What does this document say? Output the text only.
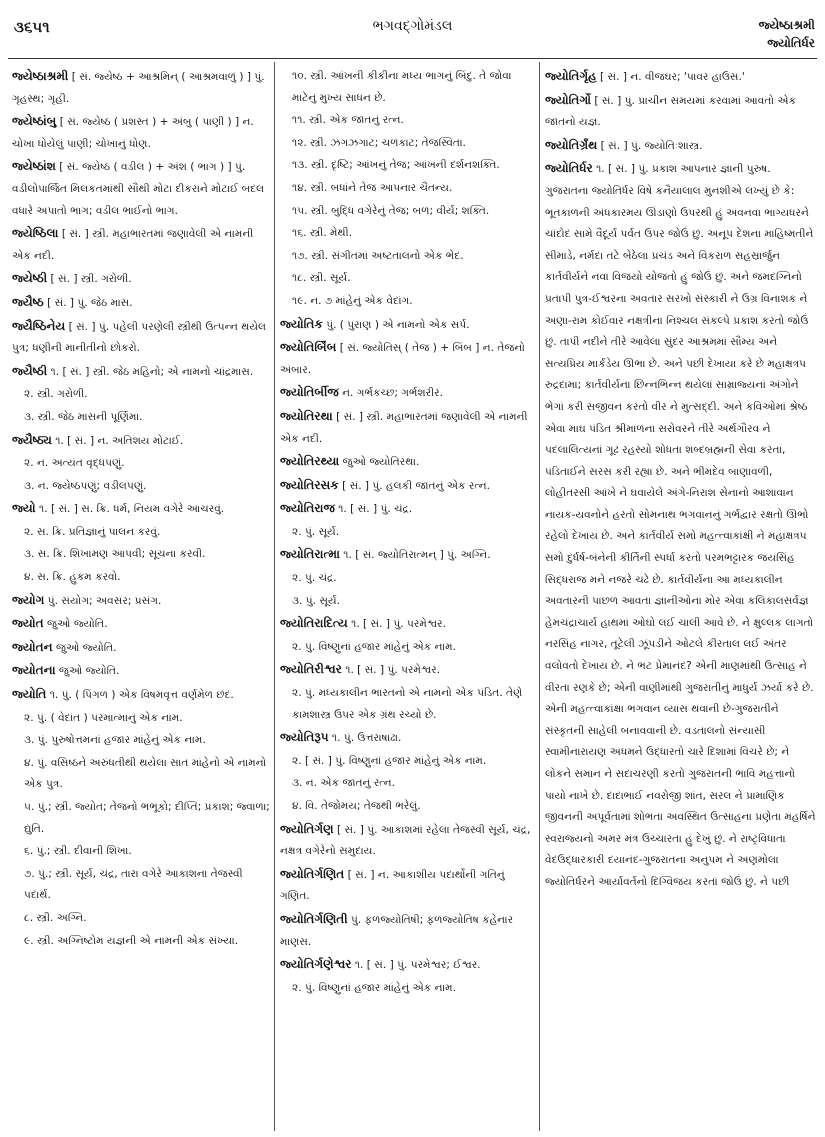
૩૬૫૧	ભગવદ્ગોમંડલ	જ્યેષ્ઠાશ્રમી
જ્યોતિર્ધર
જ્યેષ્ઠાશ્રમી [ સં. જ્યેષ્ઠ + આશ્રમિન્ ( આશ્રમવાળું ) ] પું. ગૃહસ્થ; ગૃહી.
જ્યેષ્ઠાંબુ [ સં. જ્યેષ્ઠ ( પ્રશસ્ત ) + અંબુ ( પાણી ) ] ન. ચોખા ધોયેલું પાણી; ચોખાનું ધોણ.
જ્યેષ્ઠાંશ [ સં. જ્યેષ્ઠ ( વડીલ ) + અંશ ( ભાગ ) ] પું. વડીલોપાર્જિત મિલકતમાંથી સૌથી મોટા દીકરાને મોટાઈ બદલ વધારે અપાતો ભાગ; વડીલ ભાઈનો ભાગ.
જ્યેષ્ઠિલા [ સં. ] સ્ત્રી. મહાભારતમાં જણાવેલી એ નામની એક નદી.
જ્યેષ્ઠી [ સં. ] સ્ત્રી. ગરોળી.
જ્યૈષ્ઠ [ સં. ] પું. જેઠ માસ.
જ્યૈષ્ઠિનેય [ સં. ] પું. પહેલી પરણેલી સ્ત્રીથી ઉત્પન્ન થયેલ પુત્ર; ધણીની માનીતીનો છોકરો.
જ્યૈષ્ઠી ૧. [ સં. ] સ્ત્રી. જેઠ મહિનો; એ નામનો ચાંદ્રમાસ.
૨. સ્ત્રી. ગરોળી.
૩. સ્ત્રી. જેઠ માસની પૂર્ણિમા.
જ્યૈષ્ઠ્ય ૧. [ સં. ] ન. અતિશય મોટાઈ.
૨. ન. અત્યંત વૃદ્ધપણું.
૩. ન. જ્યેષ્ઠપણું; વડીલપણું.
જ્યો ૧. [ સં. ] સ. ક્રિ. ધર્મ, નિયમ વગેરે આચરવું.
૨. સ. ક્રિ. પ્રતિજ્ઞાનું પાલન કરવું.
૩. સ. ક્રિ. શિખામણ આપવી; સૂચના કરવી.
૪. સ. ક્રિ. હુકમ કરવો.
જ્યોગ પું. સંયોગ; અવસર; પ્રસંગ.
જ્યોત જુઓ જ્યોતિ.
જ્યોતન જુઓ જ્યોતિ.
જ્યોતના જુઓ જ્યોતિ.
જ્યોતિ ૧. પું. ( પિંગળ ) એક વિષમવૃત્ત વર્ણમેળ છંદ.
૨. પું. ( વેદાંત ) પરમાત્માનું એક નામ.
૩. પું. પુરુષોત્તમનાં હજાર માંહેનું એક નામ.
૪. પું. વસિષ્ઠને અરુંધતીથી થયેલા સાત માંહેનો એ નામનો એક પુત્ર.
૫. પું.; સ્ત્રી. જ્યોત; તેજનો ભભૂકો; દીપ્તિ; પ્રકાશ; જ્વાળા; દ્યુતિ.
૬. પું.; સ્ત્રી. દીવાની શિખા.
૭. પું.; સ્ત્રી. સૂર્ય, ચંદ્ર, તારા વગેરે આકાશના તેજસ્વી પદાર્થ.
૮. સ્ત્રી. અગ્નિ.
૯. સ્ત્રી. અગ્નિષ્ટોમ યજ્ઞની એ નામની એક સંખ્યા.
૧૦. સ્ત્રી. આંખની કીકીના મધ્ય ભાગનું બિંદુ. તે જોવા માટેનું મુખ્ય સાધન છે.
૧૧. સ્ત્રી. એક જાતનું રત્ન.
૧૨. સ્ત્રી. ઝગઝગાટ; ચળકાટ; તેજસ્વિતા.
૧૩. સ્ત્રી. દૃષ્ટિ; આંખનું તેજ; આંખની દર્શનશક્તિ.
૧૪. સ્ત્રી. બધાંને તેજ આપનાર ચૈતન્ય.
૧૫. સ્ત્રી. બુદ્ધિ વગેરેનું તેજ; બળ; વીર્ય; શક્તિ.
૧૬. સ્ત્રી. મેથી.
૧૭. સ્ત્રી. સંગીતમાં અષ્ટતાલનો એક ભેદ.
૧૮. સ્ત્રી. સૂર્ય.
૧૯. ન. ૭ માંહેનું એક વેદાંગ.
જ્યોતિક પું. ( પુરાણ ) એ નામનો એક સર્પ.
જ્યોતિર્બિંબ [ સં. જ્યોતિસ્ ( તેજ ) + બિંબ ] ન. તેજનો અંબાર.
જ્યોતિર્બીજ ન. ગર્ભકચ્છ; ગર્ભશરીર.
જ્યોતિરથા [ સં. ] સ્ત્રી. મહાભારતમાં જણાવેલી એ નામની એક નદી.
જ્યોતિરથ્યા જુઓ જ્યોતિરથા.
જ્યોતિરસક [ સં. ] પું. હલકી જાતનું એક રત્ન.
જ્યોતિરાજ ૧. [ સં. ] પું. ચંદ્ર.
૨. પું. સૂર્ય.
જ્યોતિરાત્મા ૧. [ સં. જ્યોતિરાત્મન્ ] પું. અગ્નિ.
૨. પું. ચંદ્ર.
૩. પું. સૂર્ય.
જ્યોતિરાદિત્ય ૧. [ સં. ] પું. પરમેશ્વર.
૨. પું. વિષ્ણુનાં હજાર માંહેનું એક નામ.
જ્યોતિરીશ્વર ૧. [ સં. ] પું. પરમેશ્વર.
૨. પું. મધ્યકાલીન ભારતનો એ નામનો એક પંડિત. તેણે કામશાસ્ત્ર ઉપર એક ગ્રંથ રચ્યો છે.
જ્યોતિરૂપ ૧. પું. ઉત્તરાષાઢા.
૨. [ સં. ] પું. વિષ્ણુનાં હજાર માંહેનું એક નામ.
૩. ન. એક જાતનું રત્ન.
૪. વિ. તેજોમય; તેજથી ભરેલું.
જ્યોતિર્ગણ [ સં. ] પું. આકાશમાં રહેલા તેજસ્વી સૂર્ય, ચંદ્ર, નક્ષત્ર વગેરેનો સમુદાય.
જ્યોતિર્ગણિત [ સં. ] ન. આકાશીય પદાર્થોની ગતિનું ગણિત.
જ્યોતિર્ગણિતી પું. ફળજ્યોતિષી; ફળજ્યોતિષ કહેનાર માણસ.
જ્યોતિર્ગણેશ્વર ૧. [ સં. ] પું. પરમેશ્વર; ઈશ્વર.
૨. પું. વિષ્ણુનાં હજાર માંહેનું એક નામ.
જ્યોતિર્ગૃહ [ સં. ] ન. વીજઘર; 'પાવર હાઉસ.'
જ્યોતિર્ગો [ સં. ] પું. પ્રાચીન સમયમાં કરવામાં આવતો એક જાતનો યજ્ઞ.
જ્યોતિર્ગ્રંથ [ સં. ] પું. જ્યોતિઃશાસ્ત્ર.
જ્યોતિર્ધર ૧. [ સં. ] પું. પ્રકાશ આપનાર જ્ઞાની પુરુષ. ગુજરાતના જ્યોતિર્ધર વિષે કનૈયાલાલ મુનશીએ લખ્યું છે કે: ભૂતકાળની અંધકારમય ઊંડાણો ઉપરથી હું અવનવા ભાગ્યધરને ચાંદોદ સામે વૈદૂર્ય પર્વત ઉપર જોઉં છું. અનૂપ દેશના માહિષ્મતીને સીમાડે, નર્મદા તટે બેઠેલા પ્રચંડ અને વિકરાળ સહસ્રાર્જુન કાર્તવીર્યને નવા વિજયો યોજતો હું જોઉં છું. અને જમદગ્નિનો પ્રતાપી પુત્ર-ઈશ્વરના અવતાર સરખો સંસ્કારી ને ઉગ્ર વિનાશક ને અણા-રામ કોઈવાર નક્ષત્રીના નિશ્ચલ સંકલ્પે પ્રકાશ કરતો જોઉં છું. તાપી નદીને તીરે આવેલા સુંદર આશ્રમમાં સૌમ્ય અને સત્યપ્રિય માર્કંડેય ઊભા છે. અને પછી દેખાયા કરે છે મહાક્ષત્રપ રુદ્રદામા; કાર્તવીર્યના છિન્નભિન્ન થયેલાં સામ્રાજ્યનાં અંગોને ભેગાં કરી સજીવન કરતો વીર ને મુત્સદ્દી. અને કવિઓમાં શ્રેષ્ઠ એવા માઘ પંડિત શ્રીમાળના સરોવરને તીરે અર્થગૌરવ ને પદલાલિત્યનાં ગૂઢ રહસ્યો શોધતા શબ્દબ્રહ્મની સેવા કરતા, પંડિતાઈને સરસ કરી રહ્યા છે. અને ભીમદેવ બાણાવળી, લોહીતરસી આંખે ને ઘવાયેલે અંગે-નિરાશ સેનાનો આશાવાન નાયક-યવનોને હરતો સોમનાથ ભગવાનનું ગર્ભદ્વાર રક્ષતો ઊભો રહેલો દેખાય છે. અને કાર્તવીર્ય સમો મહત્ત્વાકાંક્ષી ને મહાક્ષત્રપ સમો દુર્ધર્ષ-બંનેની કીર્તિની સ્પર્ધા કરતો પરમભટ્ટારક જયસિંહ સિદ્ધરાજ મને નજરે ચઢે છે. કાર્તવીર્યના આ મધ્યકાલીન અવતારની પાછળ આવતા જ્ઞાનીઓના મોર એવા કલિકાલસર્વજ્ઞ હેમચંદ્રાચાર્ય હાથમાં ઓઘો લઈ ચાલી આવે છે. ને ક્ષુલ્લક લાગતો નરસિંહ નાગર, તૂટેલી ઝૂંપડીને ઓટલે કીરતાલ લઈ અંતર વલોવતો દેખાય છે. ને ભટ પ્રેમાનંદ? એની માણમાંથી ઉત્સાહ ને વીરતા રણકે છે; એની વાણીમાંથી ગુજરાતીનું માધુર્ય ઝર્યા કરે છે. એની મહત્ત્વાકાંક્ષા ભગવાન વ્યાસ થવાની છે-ગુજરાતીને સંસ્કૃતની સાહેલી બનાવવાની છે. વડતાલનો સંન્યાસી સ્વામીનારાયણ અધમને ઉદ્ધારતો ચારે દિશામાં વિચરે છે; ને લોકને સમાન ને સદાચરણી કરતો ગુજરાતની ભાવિ મહત્તાનો પાયો નાખે છે. દાદાભાઈ નવરોજી શાંત, સરલ ને પ્રામાણિક જીવનની અપૂર્વતામાં શોભતા અવસ્થિત ઉત્સાહના પ્રણેતા મહર્ષિને સ્વરાજ્યનો અમર મંત્ર ઉચ્ચારતા હું દેખું છું. ને રાષ્ટ્રવિધાતા વેદઉદ્ધારકારી દયાનંદ-ગુજરાતના અનુપમ ને અણમોલા જ્યોતિર્ધરને આર્યાવર્તનો દિગ્વિજય કરતાં જોઉં છું. ને પછી
